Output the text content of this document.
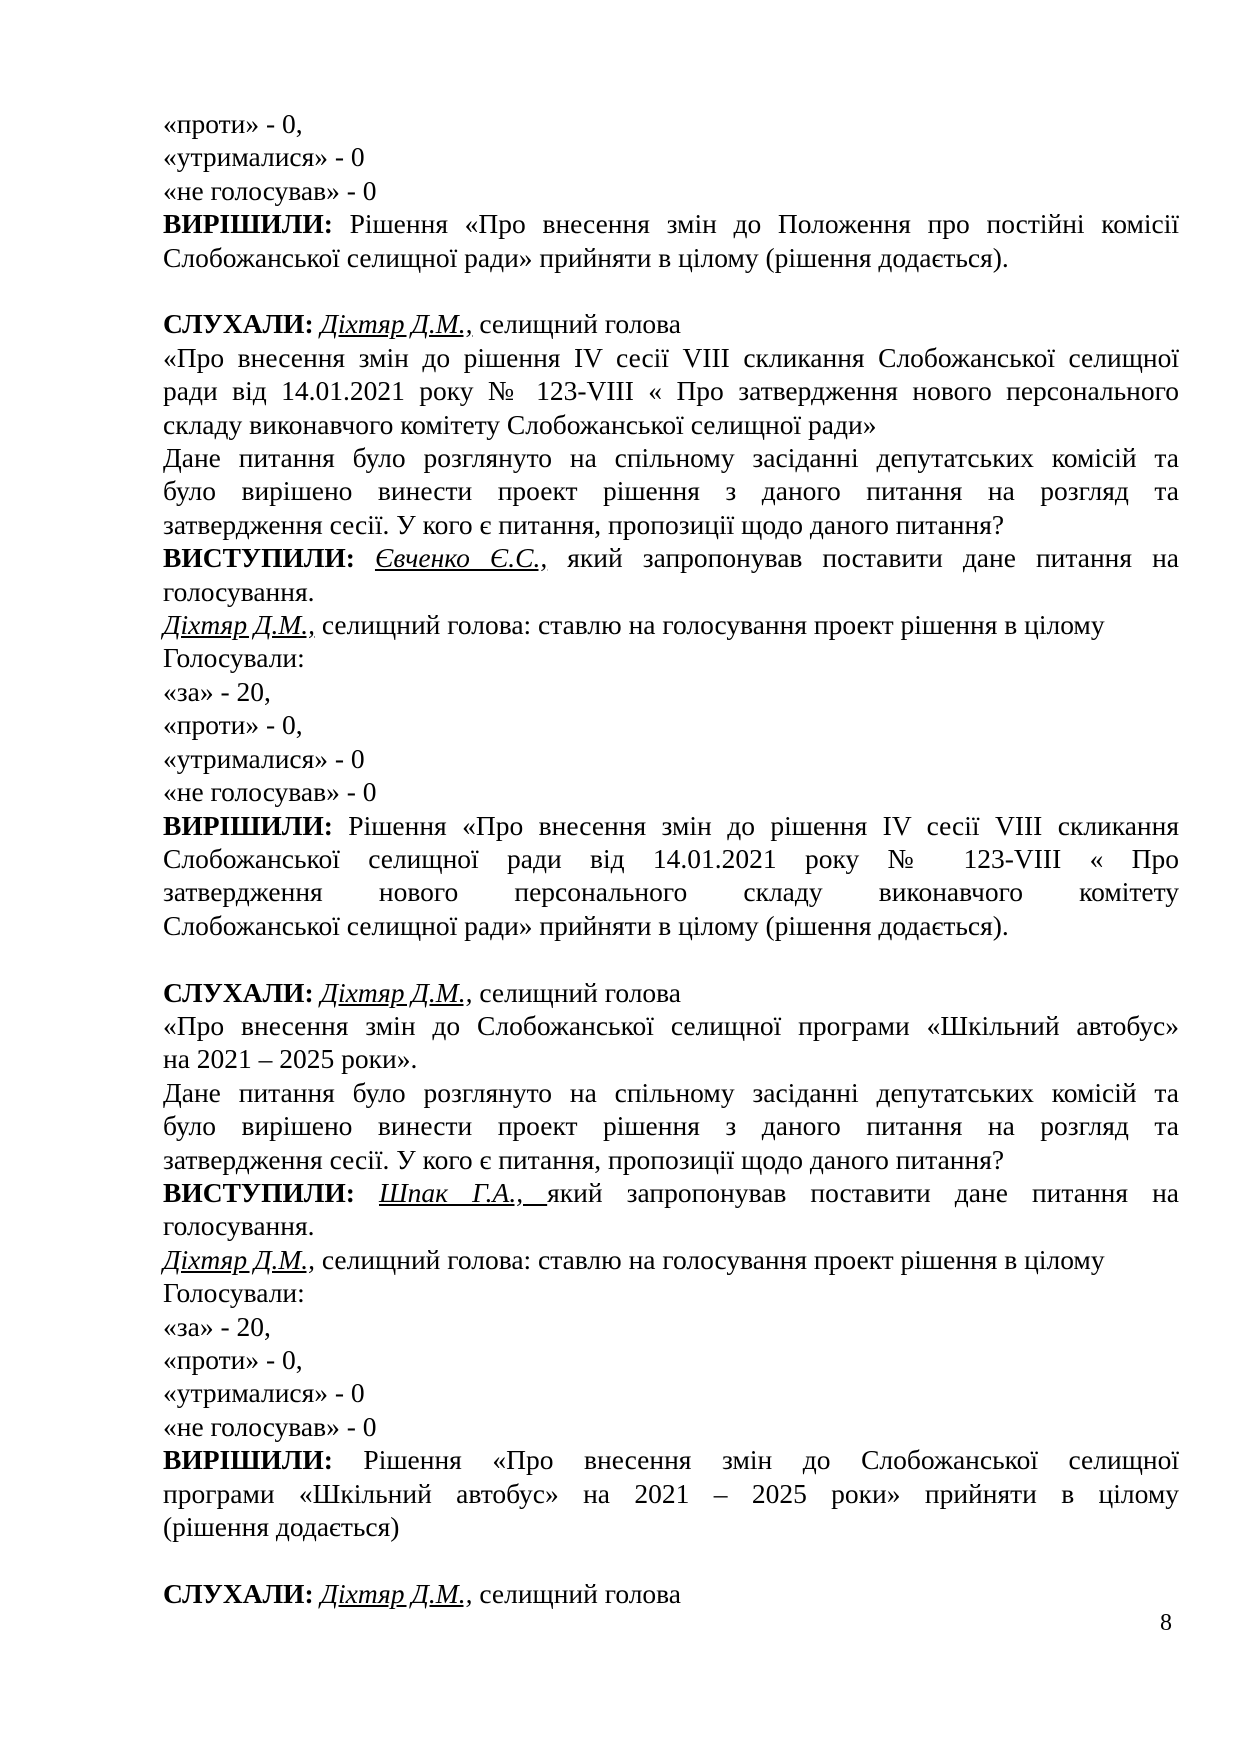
«проти» - 0,
«утрималися» - 0
«не голосував» - 0
ВИРІШИЛИ: Рішення «Про внесення змін до Положення про постійні комісії
Слобожанської селищної ради» прийняти в цілому (рішення додається).
СЛУХАЛИ: Діхтяр Д.М., селищний голова
«Про внесення змін до рішення IV сесії VIII скликання Слобожанської селищної
ради від 14.01.2021 року № 123-VIII « Про затвердження нового персонального
складу виконавчого комітету Слобожанської селищної ради»
Дане питання було розглянуто на спільному засіданні депутатських комісій та
було вирішено винести проект рішення з даного питання на розгляд та
затвердження сесії. У кого є питання, пропозиції щодо даного питання?
ВИСТУПИЛИ: Євченко Є.С., який запропонував поставити дане питання на
голосування.
Діхтяр Д.М., селищний голова: ставлю на голосування проект рішення в цілому
Голосували:
«за» - 20,
«проти» - 0,
«утрималися» - 0
«не голосував» - 0
ВИРІШИЛИ: Рішення «Про внесення змін до рішення IV сесії VIII скликання
Слобожанської селищної ради від 14.01.2021 року № 123-VIII « Про
затвердження нового персонального складу виконавчого комітету
Слобожанської селищної ради» прийняти в цілому (рішення додається).
СЛУХАЛИ: Діхтяр Д.М., селищний голова
«Про внесення змін до Слобожанської селищної програми «Шкільний автобус»
на 2021 – 2025 роки».
Дане питання було розглянуто на спільному засіданні депутатських комісій та
було вирішено винести проект рішення з даного питання на розгляд та
затвердження сесії. У кого є питання, пропозиції щодо даного питання?
ВИСТУПИЛИ: Шпак Г.А., який запропонував поставити дане питання на
голосування.
Діхтяр Д.М., селищний голова: ставлю на голосування проект рішення в цілому
Голосували:
«за» - 20,
«проти» - 0,
«утрималися» - 0
«не голосував» - 0
ВИРІШИЛИ: Рішення «Про внесення змін до Слобожанської селищної
програми «Шкільний автобус» на 2021 – 2025 роки» прийняти в цілому
(рішення додається)
СЛУХАЛИ: Діхтяр Д.М., селищний голова
8
